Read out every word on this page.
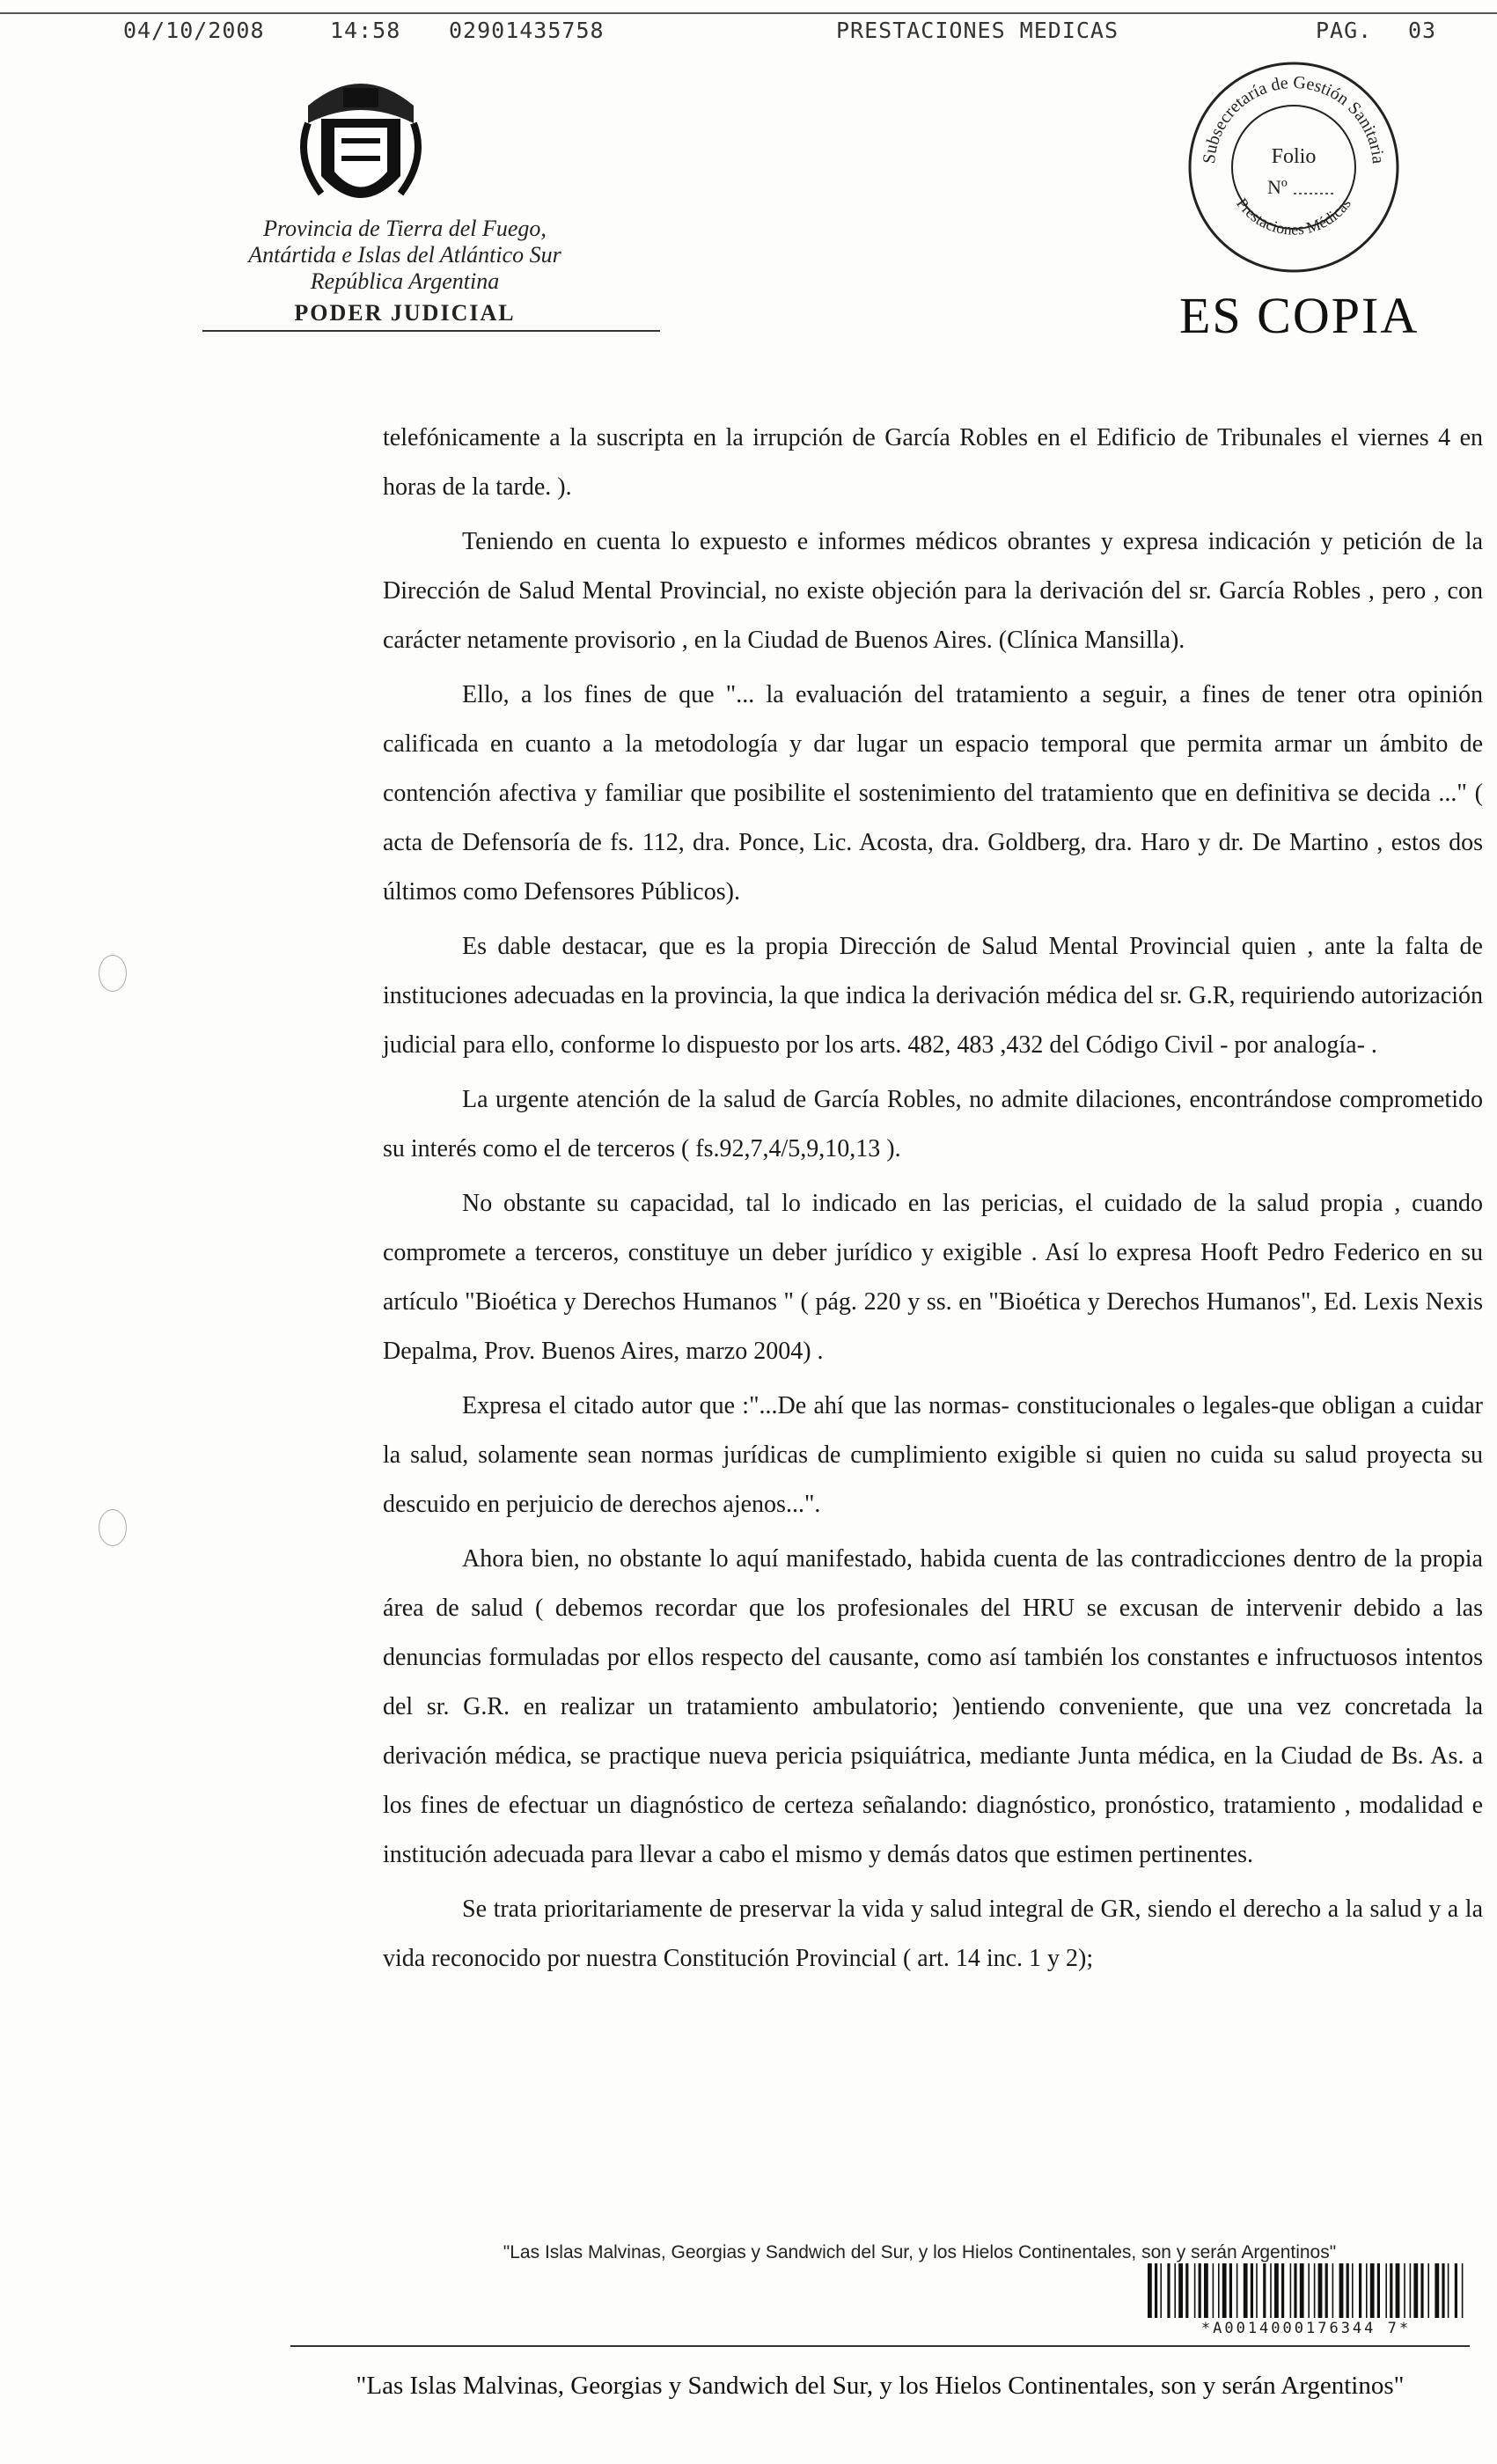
04/10/2008	14:58 02901435758	PRESTACIONES MEDICAS	PAG. 03
Provincia de Tierra del Fuego,
Antártida e Islas del Atlántico Sur
República Argentina
PODER JUDICIAL
Subsecretaría de Gestión Sanitaria
Prestaciones Médicas
Folio
Nº
ES COPIA

telefónicamente a la suscripta en la irrupción de García Robles en el Edificio de Tribunales el viernes 4 en horas de la tarde. ).

Teniendo en cuenta lo expuesto e informes médicos obrantes y expresa indicación y petición de la Dirección de Salud Mental Provincial, no existe objeción para la derivación del sr. García Robles , pero , con carácter netamente provisorio , en la Ciudad de Buenos Aires. (Clínica Mansilla).

Ello, a los fines de que "... la evaluación del tratamiento a seguir, a fines de tener otra opinión calificada en cuanto a la metodología y dar lugar un espacio temporal que permita armar un ámbito de contención afectiva y familiar que posibilite el sostenimiento del tratamiento que en definitiva se decida ..." ( acta de Defensoría de fs. 112, dra. Ponce, Lic. Acosta, dra. Goldberg, dra. Haro y dr. De Martino , estos dos últimos como Defensores Públicos).

Es dable destacar, que es la propia Dirección de Salud Mental Provincial quien , ante la falta de instituciones adecuadas en la provincia, la que indica la derivación médica del sr. G.R, requiriendo autorización judicial para ello, conforme lo dispuesto por los arts. 482, 483 ,432 del Código Civil - por analogía- .

La urgente atención de la salud de García Robles, no admite dilaciones, encontrándose comprometido su interés como el de terceros ( fs.92,7,4/5,9,10,13 ).

No obstante su capacidad, tal lo indicado en las pericias, el cuidado de la salud propia , cuando compromete a terceros, constituye un deber jurídico y exigible . Así lo expresa Hooft Pedro Federico en su artículo "Bioética y Derechos Humanos " ( pág. 220 y ss. en "Bioética y Derechos Humanos", Ed. Lexis Nexis Depalma, Prov. Buenos Aires, marzo 2004) .

Expresa el citado autor que :"...De ahí que las normas- constitucionales o legales-que obligan a cuidar la salud, solamente sean normas jurídicas de cumplimiento exigible si quien no cuida su salud proyecta su descuido en perjuicio de derechos ajenos...".

Ahora bien, no obstante lo aquí manifestado, habida cuenta de las contradicciones dentro de la propia área de salud ( debemos recordar que los profesionales del HRU se excusan de intervenir debido a las denuncias formuladas por ellos respecto del causante, como así también los constantes e infructuosos intentos del sr. G.R. en realizar un tratamiento ambulatorio; )entiendo conveniente, que una vez concretada la derivación médica, se practique nueva pericia psiquiátrica, mediante Junta médica, en la Ciudad de Bs. As. a los fines de efectuar un diagnóstico de certeza señalando: diagnóstico, pronóstico, tratamiento , modalidad e institución adecuada para llevar a cabo el mismo y demás datos que estimen pertinentes.

Se trata prioritariamente de preservar la vida y salud integral de GR, siendo el derecho a la salud y a la vida reconocido por nuestra Constitución Provincial ( art. 14 inc. 1 y 2);

"Las Islas Malvinas, Georgias y Sandwich del Sur, y los Hielos Continentales, son y serán Argentinos"
*A0014000176344 7*
"Las Islas Malvinas, Georgias y Sandwich del Sur, y los Hielos Continentales, son y serán Argentinos"
